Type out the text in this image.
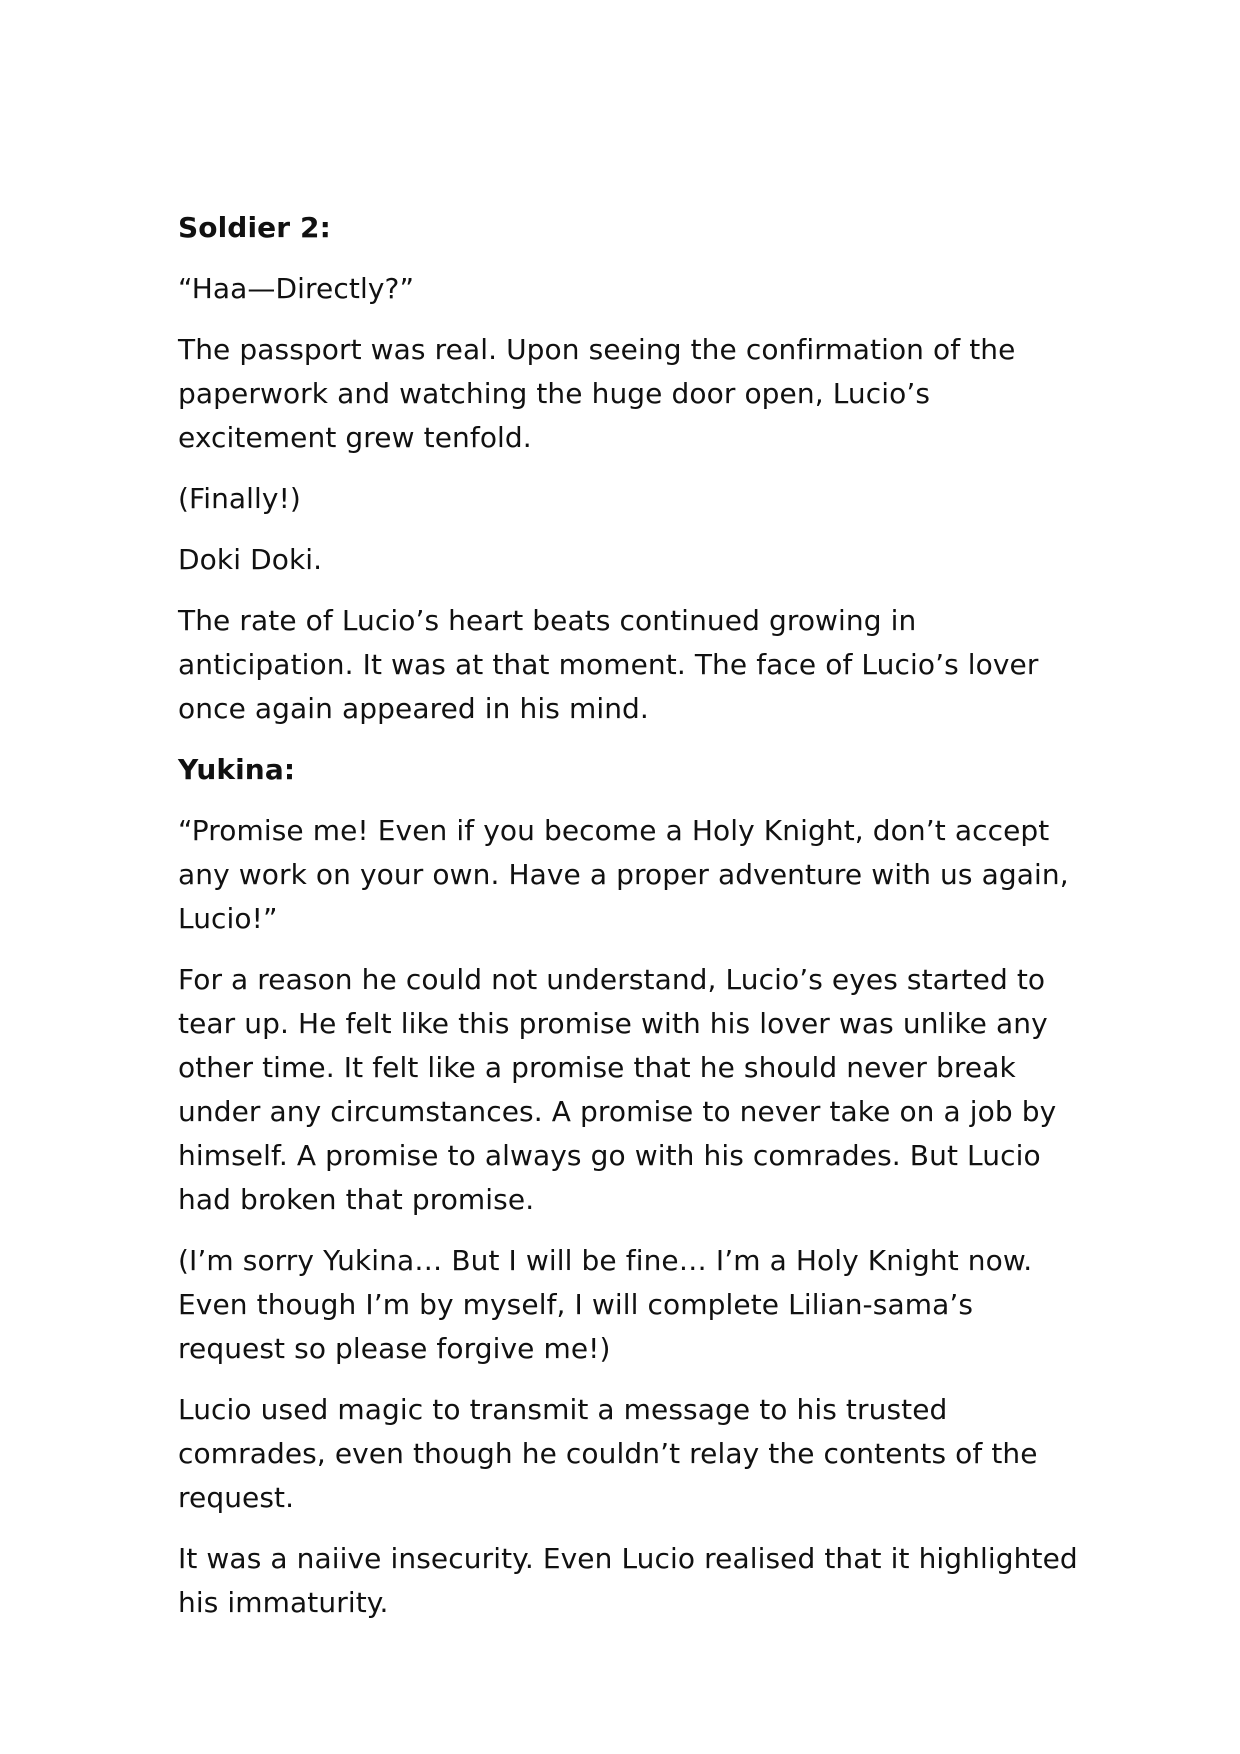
Soldier 2:

“Haa—Directly?”

The passport was real. Upon seeing the confirmation of the paperwork and watching the huge door open, Lucio’s excitement grew tenfold.

(Finally!)

Doki Doki.

The rate of Lucio’s heart beats continued growing in anticipation. It was at that moment. The face of Lucio’s lover once again appeared in his mind.

Yukina:

“Promise me! Even if you become a Holy Knight, don’t accept any work on your own. Have a proper adventure with us again, Lucio!”

For a reason he could not understand, Lucio’s eyes started to tear up. He felt like this promise with his lover was unlike any other time. It felt like a promise that he should never break under any circumstances. A promise to never take on a job by himself. A promise to always go with his comrades. But Lucio had broken that promise.

(I’m sorry Yukina… But I will be fine… I’m a Holy Knight now. Even though I’m by myself, I will complete Lilian-sama’s request so please forgive me!)

Lucio used magic to transmit a message to his trusted comrades, even though he couldn’t relay the contents of the request.

It was a naiive insecurity. Even Lucio realised that it highlighted his immaturity.
